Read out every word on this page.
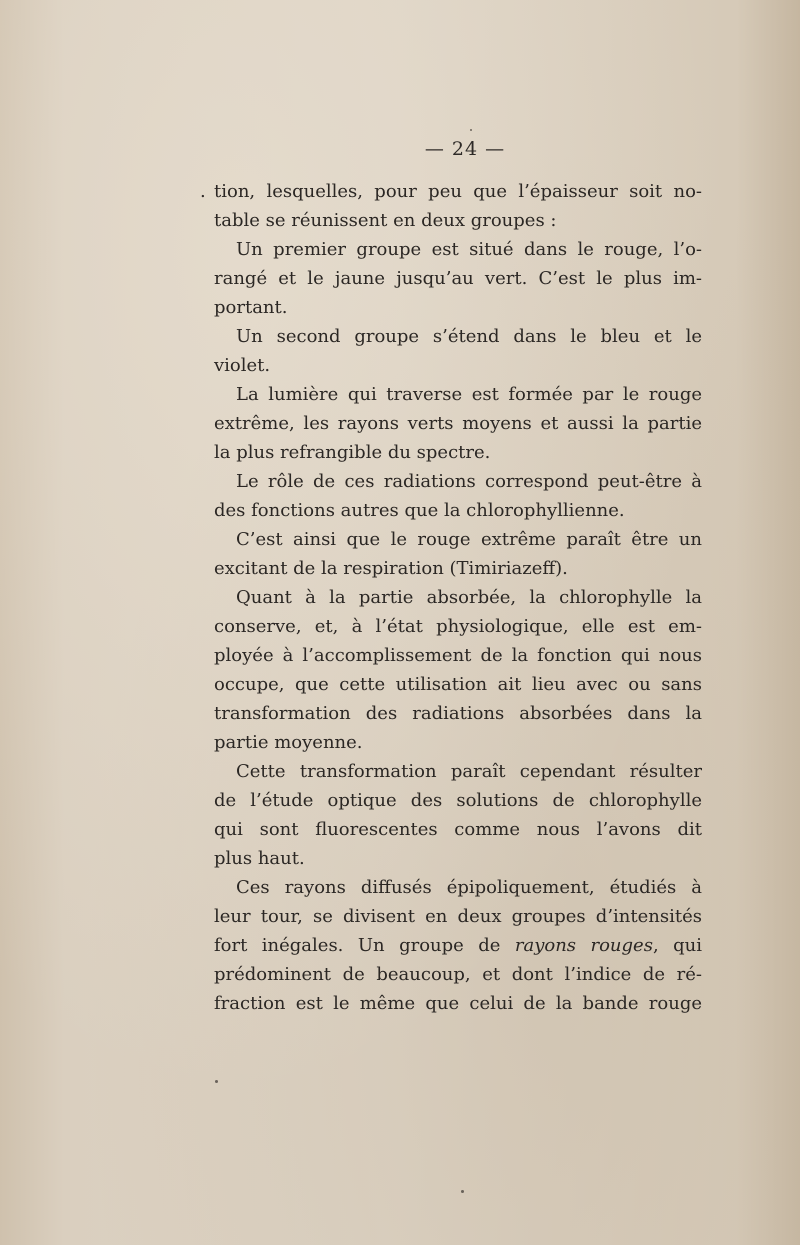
— 24 —
. tion, lesquelles, pour peu que l’épaisseur soit no-
table se réunissent en deux groupes :
Un premier groupe est situé dans le rouge, l’o-
rangé et le jaune jusqu’au vert. C’est le plus im-
portant.
Un second groupe s’étend dans le bleu et le
violet.
La lumière qui traverse est formée par le rouge
extrême, les rayons verts moyens et aussi la partie
la plus refrangible du spectre.
Le rôle de ces radiations correspond peut-être à
des fonctions autres que la chlorophyllienne.
C’est ainsi que le rouge extrême paraît être un
excitant de la respiration (Timiriazeff).
Quant à la partie absorbée, la chlorophylle la
conserve, et, à l’état physiologique, elle est em-
ployée à l’accomplissement de la fonction qui nous
occupe, que cette utilisation ait lieu avec ou sans
transformation des radiations absorbées dans la
partie moyenne.
Cette transformation paraît cependant résulter
de l’étude optique des solutions de chlorophylle
qui sont fluorescentes comme nous l’avons dit
plus haut.
Ces rayons diffusés épipoliquement, étudiés à
leur tour, se divisent en deux groupes d’intensités
fort inégales. Un groupe de rayons rouges, qui
prédominent de beaucoup, et dont l’indice de ré-
fraction est le même que celui de la bande rouge
